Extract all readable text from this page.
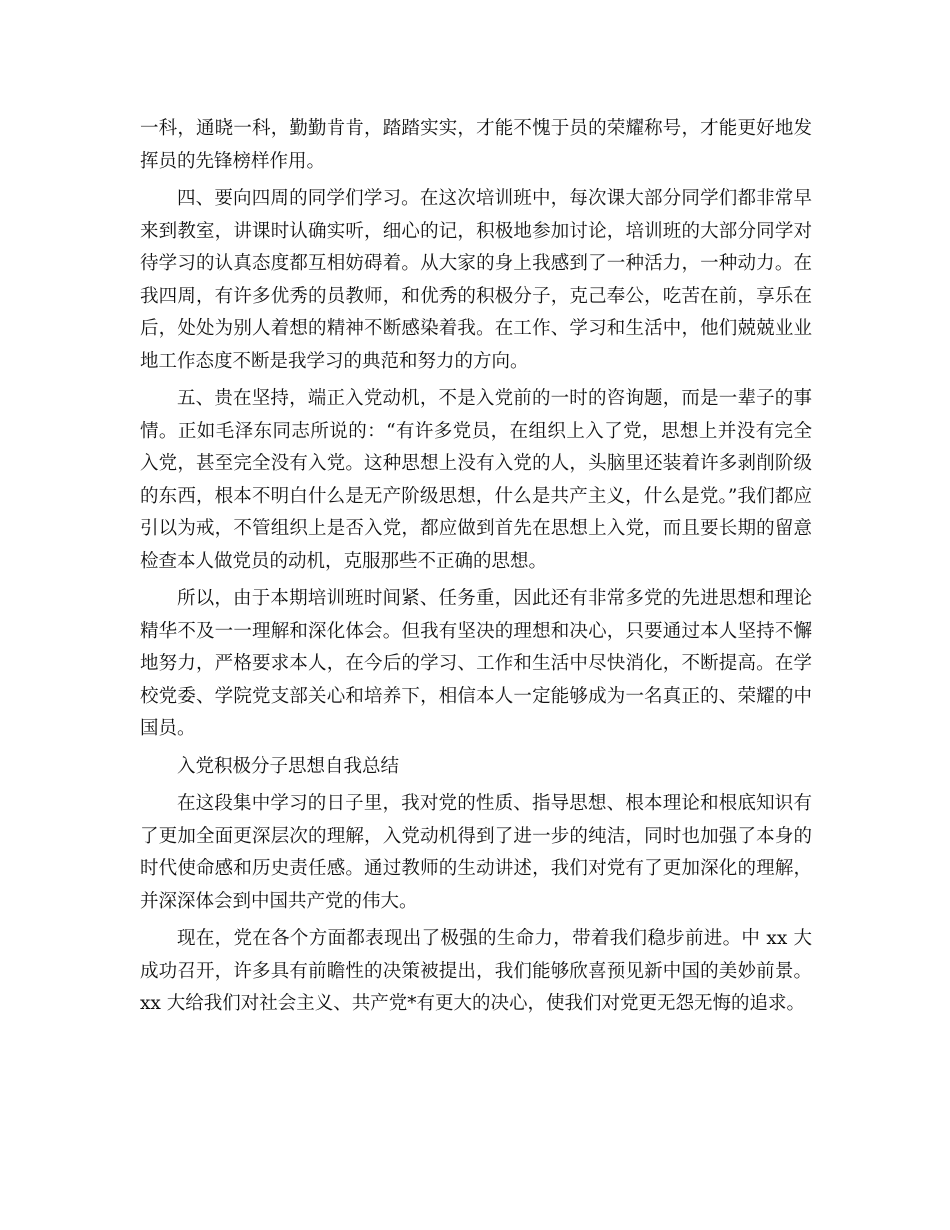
一科，通晓一科，勤勤肯肯，踏踏实实，才能不愧于员的荣耀称号，才能更好地发挥员的先锋榜样作用。

四、要向四周的同学们学习。在这次培训班中，每次课大部分同学们都非常早来到教室，讲课时认确实听，细心的记，积极地参加讨论，培训班的大部分同学对待学习的认真态度都互相妨碍着。从大家的身上我感到了一种活力，一种动力。在我四周，有许多优秀的员教师，和优秀的积极分子，克己奉公，吃苦在前，享乐在后，处处为别人着想的精神不断感染着我。在工作、学习和生活中，他们兢兢业业地工作态度不断是我学习的典范和努力的方向。

五、贵在坚持，端正入党动机，不是入党前的一时的咨询题，而是一辈子的事情。正如毛泽东同志所说的：“有许多党员，在组织上入了党，思想上并没有完全入党，甚至完全没有入党。这种思想上没有入党的人，头脑里还装着许多剥削阶级的东西，根本不明白什么是无产阶级思想，什么是共产主义，什么是党。”我们都应引以为戒，不管组织上是否入党，都应做到首先在思想上入党，而且要长期的留意检查本人做党员的动机，克服那些不正确的思想。

所以，由于本期培训班时间紧、任务重，因此还有非常多党的先进思想和理论精华不及一一理解和深化体会。但我有坚决的理想和决心，只要通过本人坚持不懈地努力，严格要求本人，在今后的学习、工作和生活中尽快消化，不断提高。在学校党委、学院党支部关心和培养下，相信本人一定能够成为一名真正的、荣耀的中国员。

入党积极分子思想自我总结

在这段集中学习的日子里，我对党的性质、指导思想、根本理论和根底知识有了更加全面更深层次的理解，入党动机得到了进一步的纯洁，同时也加强了本身的时代使命感和历史责任感。通过教师的生动讲述，我们对党有了更加深化的理解，并深深体会到中国共产党的伟大。

现在，党在各个方面都表现出了极强的生命力，带着我们稳步前进。中 xx 大成功召开，许多具有前瞻性的决策被提出，我们能够欣喜预见新中国的美妙前景。xx 大给我们对社会主义、共产党*有更大的决心，使我们对党更无怨无悔的追求。
